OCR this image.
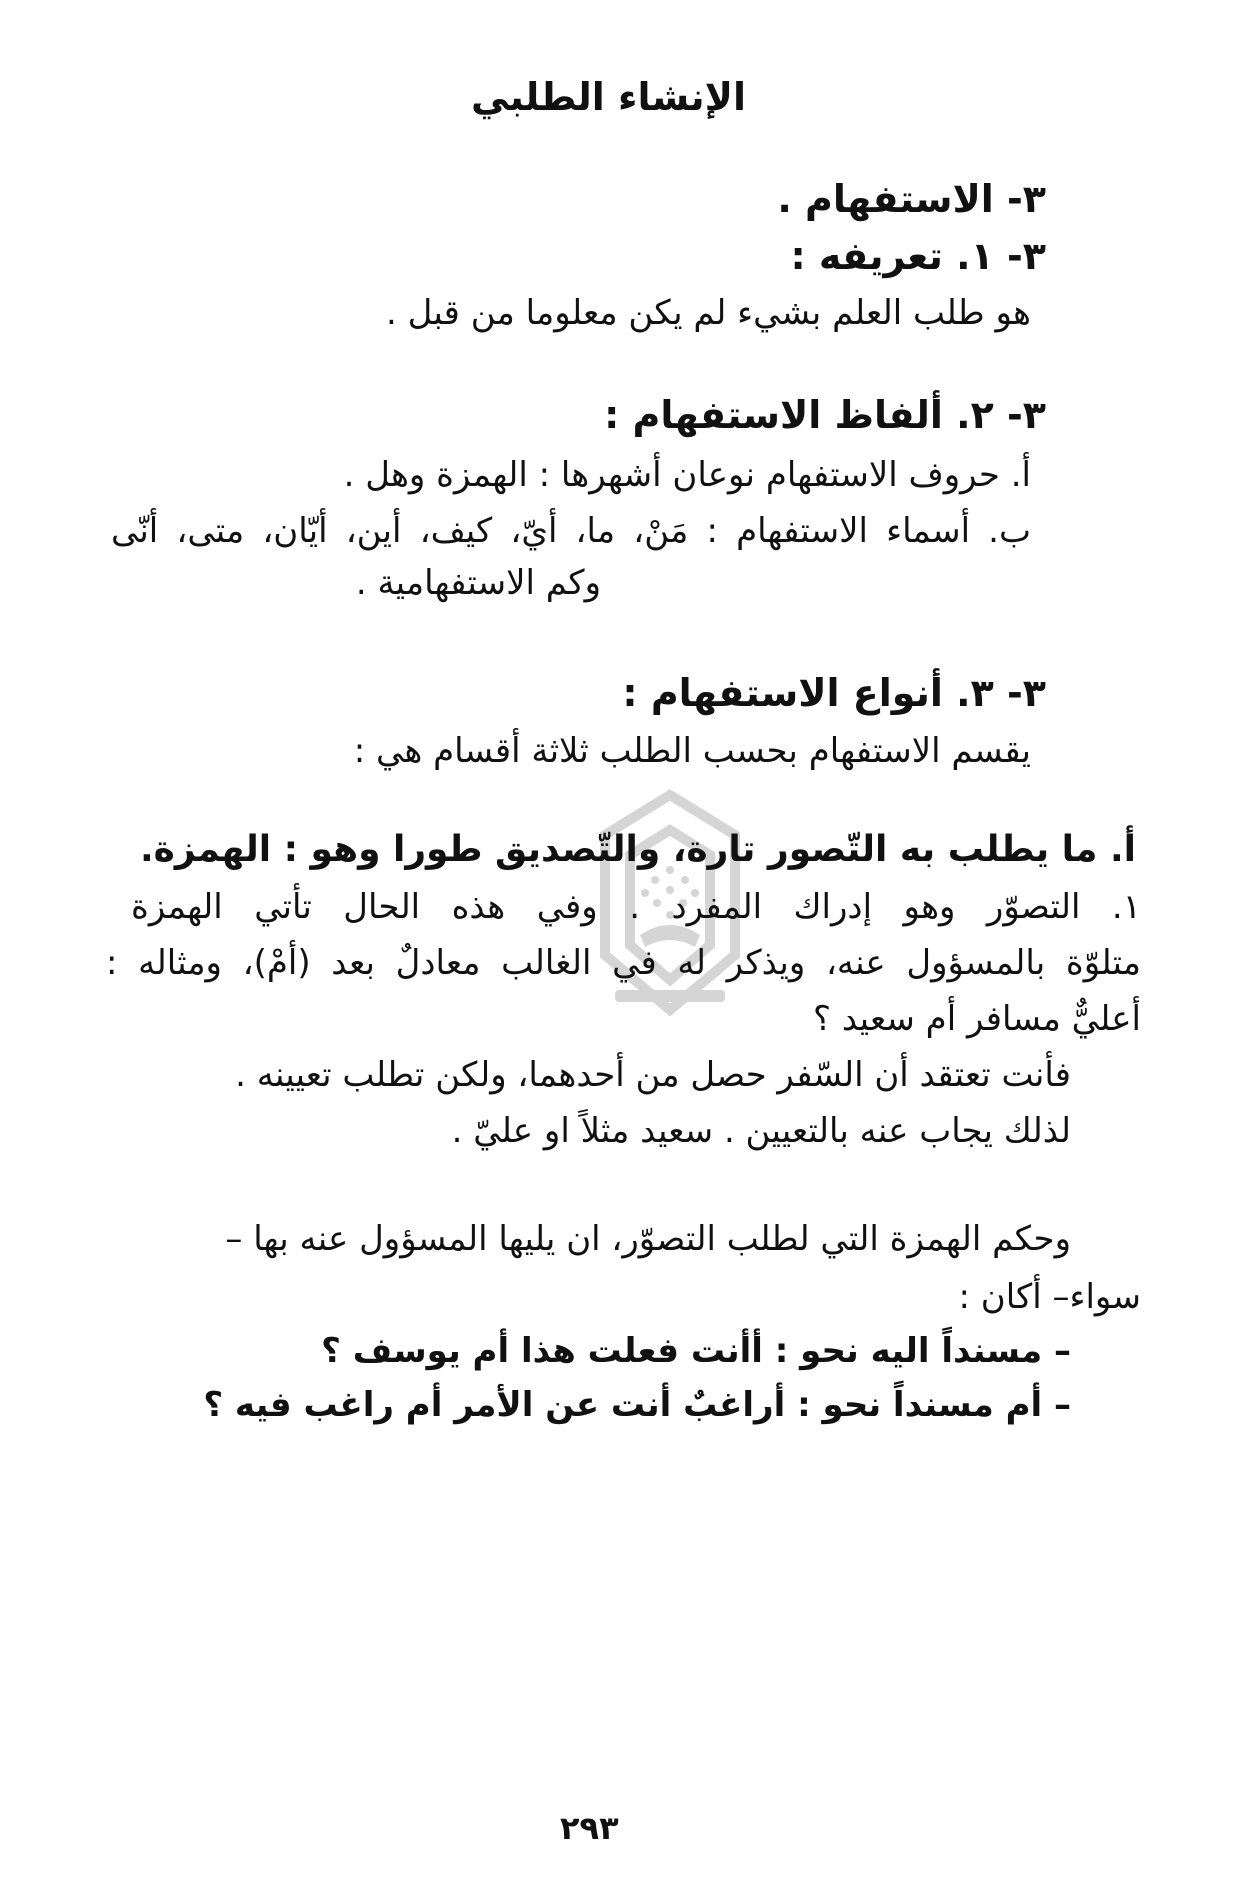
الإنشاء الطلبي
٣- الاستفهام .
٣- ١. تعريفه :
هو طلب العلم بشيء لم يكن معلوما من قبل .
٣- ٢. ألفاظ الاستفهام :
أ. حروف الاستفهام نوعان أشهرها : الهمزة وهل .
ب. أسماء الاستفهام : مَنْ، ما، أيّ، كيف، أين، أيّان، متى، أنّى
وكم الاستفهامية .
٣- ٣. أنواع الاستفهام :
يقسم الاستفهام بحسب الطلب ثلاثة أقسام هي :
أ. ما يطلب به التّصور تارة، والتّصديق طورا وهو : الهمزة.
١. التصوّر وهو إدراك المفرد . وفي هذه الحال تأتي الهمزة
متلوّة بالمسؤول عنه، ويذكر له في الغالب معادلٌ بعد (أمْ)، ومثاله :
أعليٌّ مسافر أم سعيد ؟
فأنت تعتقد أن السّفر حصل من أحدهما، ولكن تطلب تعيينه .
لذلك يجاب عنه بالتعيين . سعيد مثلاً او عليّ .
وحكم الهمزة التي لطلب التصوّر، ان يليها المسؤول عنه بها –
سواء– أكان :
– مسنداً اليه نحو : أأنت فعلت هذا أم يوسف ؟
– أم مسنداً نحو : أراغبٌ أنت عن الأمر أم راغب فيه ؟
٢٩٣
